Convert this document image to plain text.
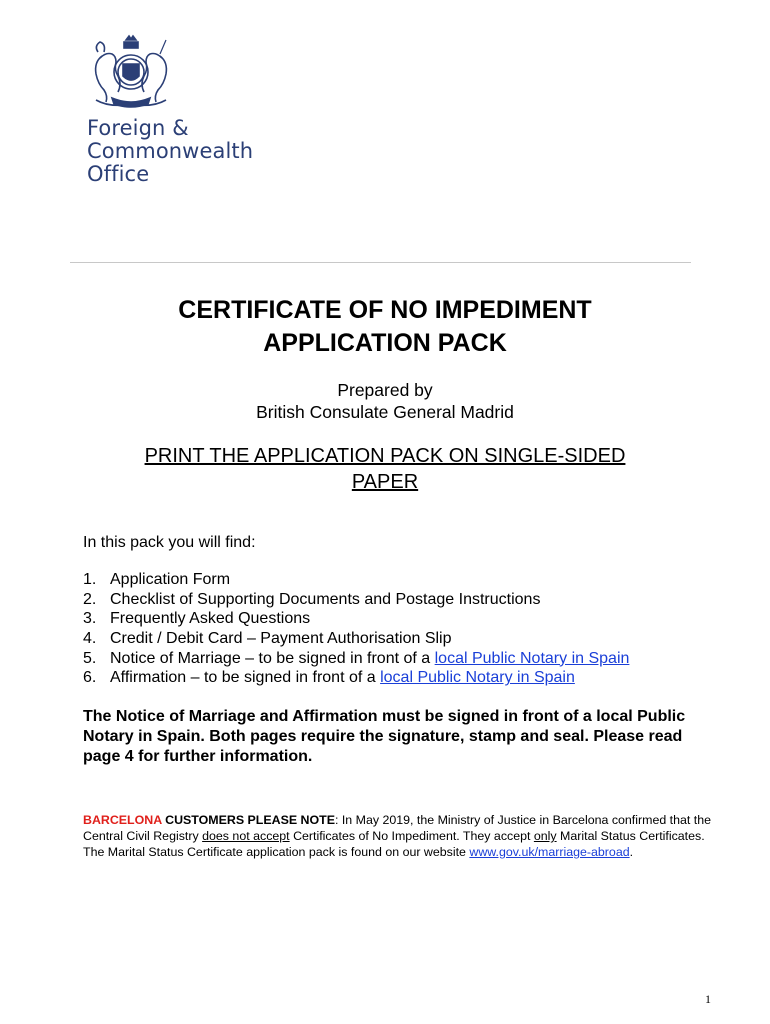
Foreign &
Commonwealth
Office
CERTIFICATE OF NO IMPEDIMENT
APPLICATION PACK
Prepared by
British Consulate General Madrid
PRINT THE APPLICATION PACK ON SINGLE-SIDED
PAPER
In this pack you will find:
1. Application Form
2. Checklist of Supporting Documents and Postage Instructions
3. Frequently Asked Questions
4. Credit / Debit Card – Payment Authorisation Slip
5. Notice of Marriage – to be signed in front of a local Public Notary in Spain
6. Affirmation – to be signed in front of a local Public Notary in Spain
The Notice of Marriage and Affirmation must be signed in front of a local Public Notary in Spain. Both pages require the signature, stamp and seal. Please read page 4 for further information.
BARCELONA CUSTOMERS PLEASE NOTE: In May 2019, the Ministry of Justice in Barcelona confirmed that the Central Civil Registry does not accept Certificates of No Impediment. They accept only Marital Status Certificates. The Marital Status Certificate application pack is found on our website www.gov.uk/marriage-abroad.
1
